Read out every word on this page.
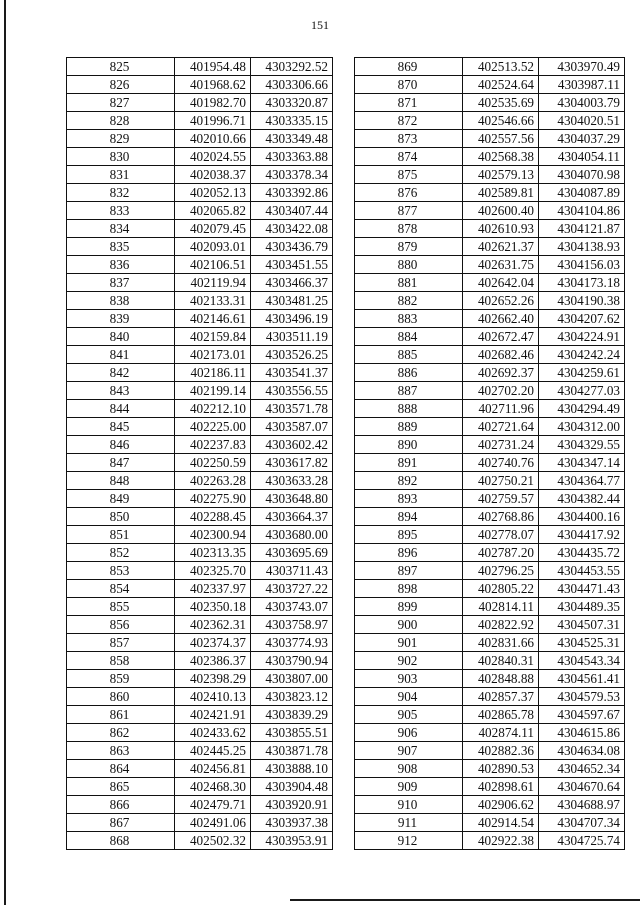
151
825	401954.48	4303292.52
826	401968.62	4303306.66
827	401982.70	4303320.87
828	401996.71	4303335.15
829	402010.66	4303349.48
830	402024.55	4303363.88
831	402038.37	4303378.34
832	402052.13	4303392.86
833	402065.82	4303407.44
834	402079.45	4303422.08
835	402093.01	4303436.79
836	402106.51	4303451.55
837	402119.94	4303466.37
838	402133.31	4303481.25
839	402146.61	4303496.19
840	402159.84	4303511.19
841	402173.01	4303526.25
842	402186.11	4303541.37
843	402199.14	4303556.55
844	402212.10	4303571.78
845	402225.00	4303587.07
846	402237.83	4303602.42
847	402250.59	4303617.82
848	402263.28	4303633.28
849	402275.90	4303648.80
850	402288.45	4303664.37
851	402300.94	4303680.00
852	402313.35	4303695.69
853	402325.70	4303711.43
854	402337.97	4303727.22
855	402350.18	4303743.07
856	402362.31	4303758.97
857	402374.37	4303774.93
858	402386.37	4303790.94
859	402398.29	4303807.00
860	402410.13	4303823.12
861	402421.91	4303839.29
862	402433.62	4303855.51
863	402445.25	4303871.78
864	402456.81	4303888.10
865	402468.30	4303904.48
866	402479.71	4303920.91
867	402491.06	4303937.38
868	402502.32	4303953.91
869	402513.52	4303970.49
870	402524.64	4303987.11
871	402535.69	4304003.79
872	402546.66	4304020.51
873	402557.56	4304037.29
874	402568.38	4304054.11
875	402579.13	4304070.98
876	402589.81	4304087.89
877	402600.40	4304104.86
878	402610.93	4304121.87
879	402621.37	4304138.93
880	402631.75	4304156.03
881	402642.04	4304173.18
882	402652.26	4304190.38
883	402662.40	4304207.62
884	402672.47	4304224.91
885	402682.46	4304242.24
886	402692.37	4304259.61
887	402702.20	4304277.03
888	402711.96	4304294.49
889	402721.64	4304312.00
890	402731.24	4304329.55
891	402740.76	4304347.14
892	402750.21	4304364.77
893	402759.57	4304382.44
894	402768.86	4304400.16
895	402778.07	4304417.92
896	402787.20	4304435.72
897	402796.25	4304453.55
898	402805.22	4304471.43
899	402814.11	4304489.35
900	402822.92	4304507.31
901	402831.66	4304525.31
902	402840.31	4304543.34
903	402848.88	4304561.41
904	402857.37	4304579.53
905	402865.78	4304597.67
906	402874.11	4304615.86
907	402882.36	4304634.08
908	402890.53	4304652.34
909	402898.61	4304670.64
910	402906.62	4304688.97
911	402914.54	4304707.34
912	402922.38	4304725.74
